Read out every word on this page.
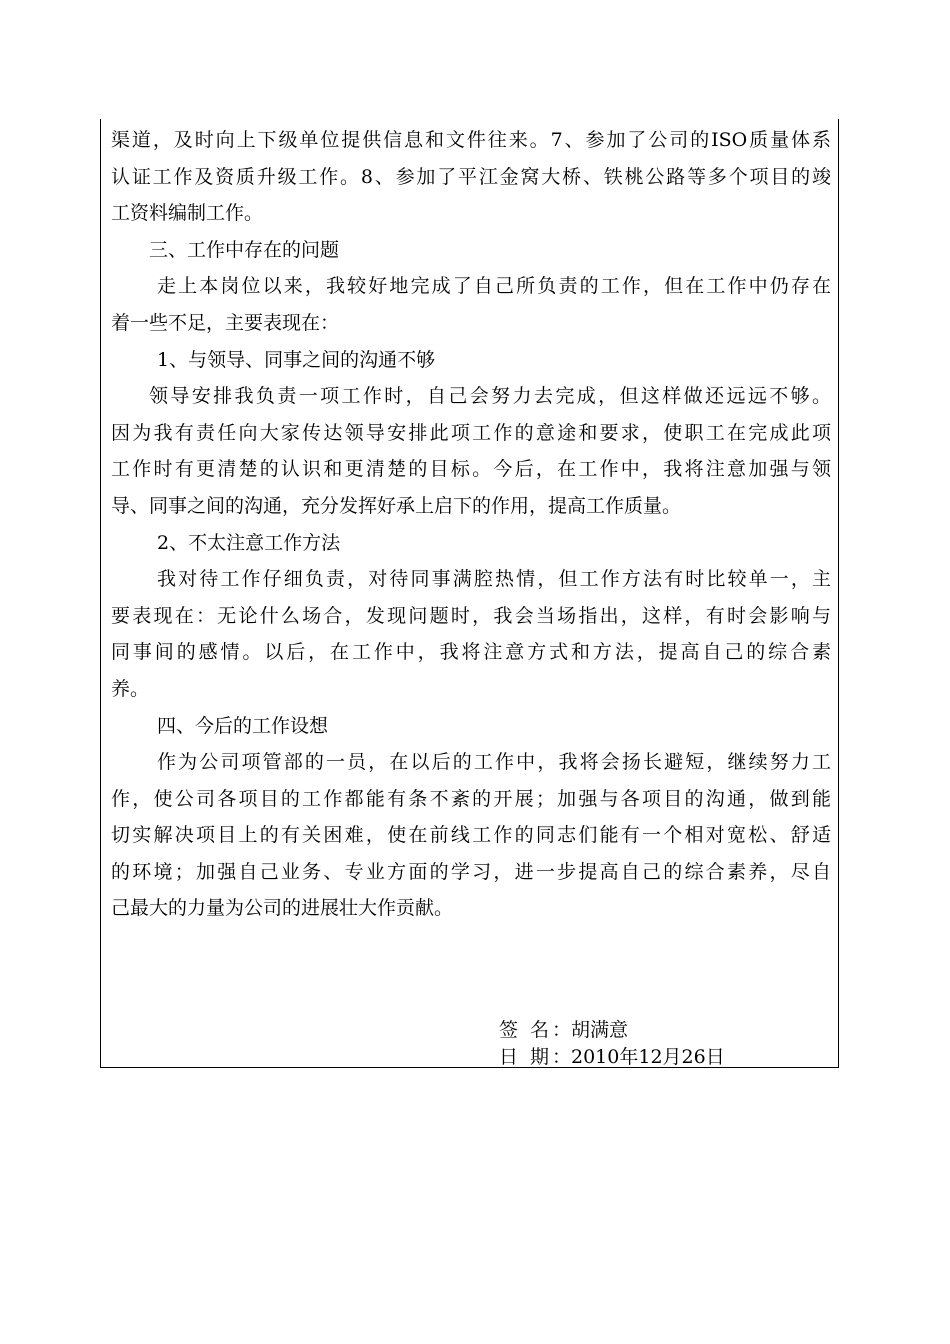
渠道，及时向上下级单位提供信息和文件往来。7、参加了公司的ISO质量体系
认证工作及资质升级工作。8、参加了平江金窝大桥、铁桃公路等多个项目的竣
工资料编制工作。
三、工作中存在的问题
走上本岗位以来，我较好地完成了自己所负责的工作，但在工作中仍存在
着一些不足，主要表现在：
1、与领导、同事之间的沟通不够
领导安排我负责一项工作时，自己会努力去完成，但这样做还远远不够。
因为我有责任向大家传达领导安排此项工作的意途和要求，使职工在完成此项
工作时有更清楚的认识和更清楚的目标。今后，在工作中，我将注意加强与领
导、同事之间的沟通，充分发挥好承上启下的作用，提高工作质量。
2、不太注意工作方法
我对待工作仔细负责，对待同事满腔热情，但工作方法有时比较单一，主
要表现在：无论什么场合，发现问题时，我会当场指出，这样，有时会影响与
同事间的感情。以后，在工作中，我将注意方式和方法，提高自己的综合素
养。
四、今后的工作设想
作为公司项管部的一员，在以后的工作中，我将会扬长避短，继续努力工
作，使公司各项目的工作都能有条不紊的开展；加强与各项目的沟通，做到能
切实解决项目上的有关困难，使在前线工作的同志们能有一个相对宽松、舒适
的环境；加强自己业务、专业方面的学习，进一步提高自己的综合素养，尽自
己最大的力量为公司的进展壮大作贡献。
签 名：胡满意
日 期：2010年12月26日
